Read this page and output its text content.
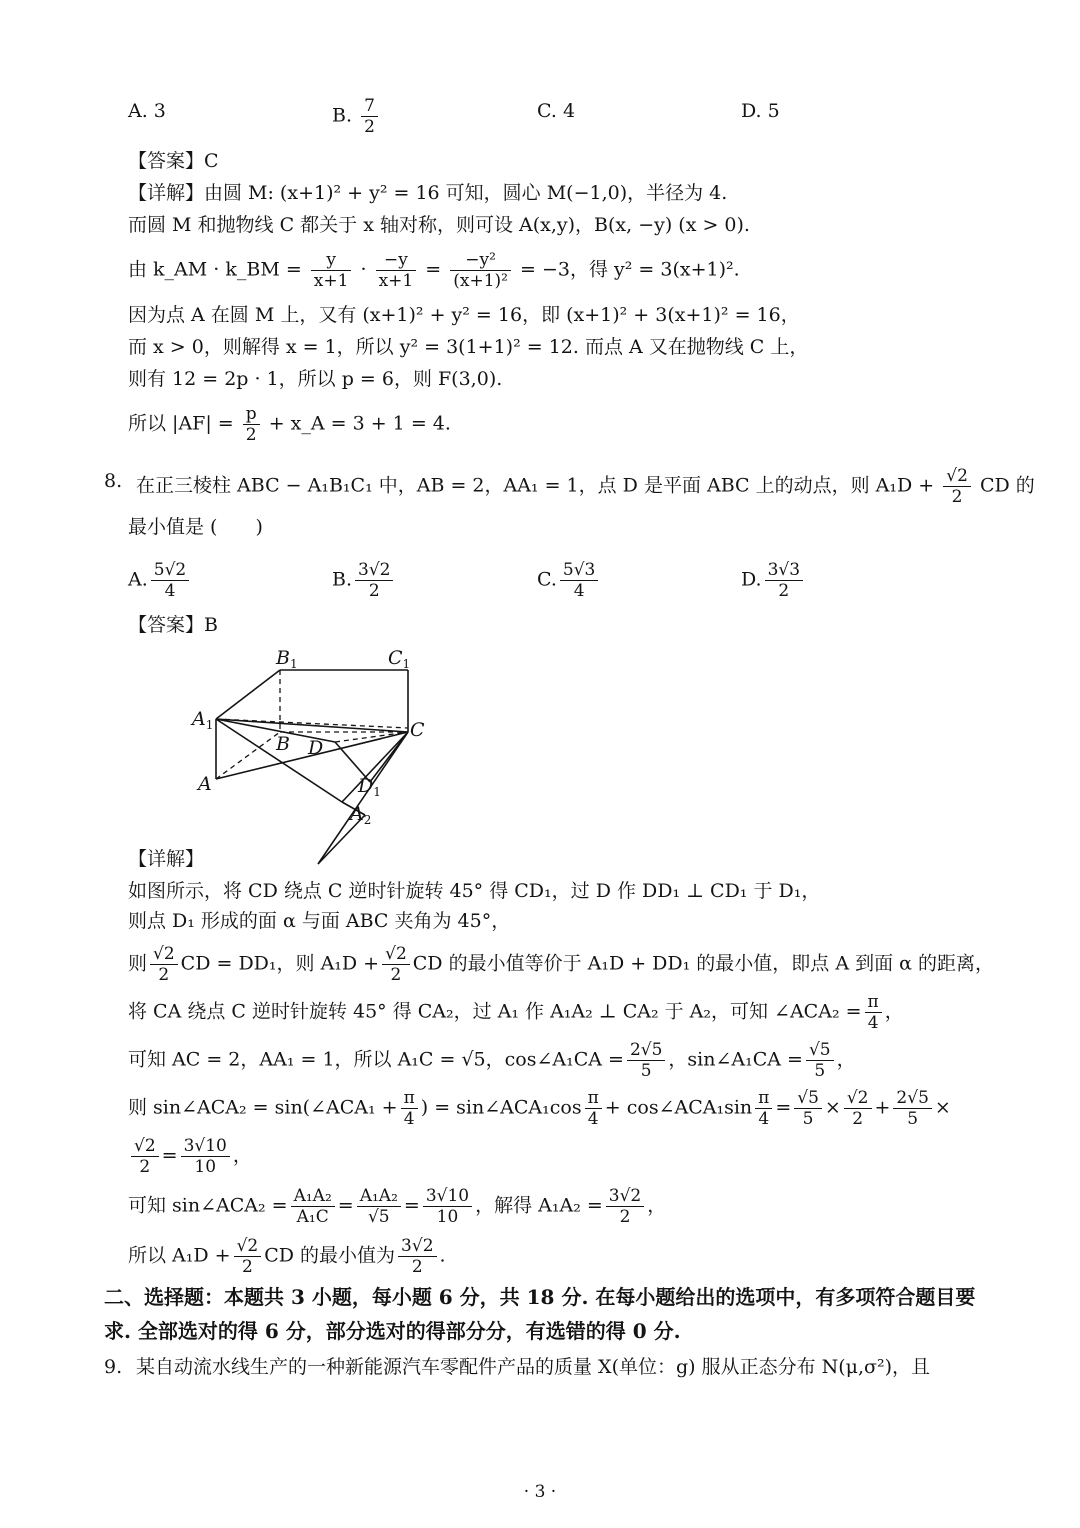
A. 3	B. $\frac{7}{2}$	C. 4	D. 5
【答案】C
【详解】由圆 M: (x+1)² + y² = 16 可知，圆心 M(−1,0)，半径为 4.
而圆 M 和抛物线 C 都关于 x 轴对称，则可设 A(x,y)，B(x, −y) (x > 0).
由 k_AM · k_BM = $\frac{y}{x+1} \cdot \frac{-y}{x+1} = \frac{\text{−y²}}{\text{(x+1)²}} = -3$，得 y² = 3(x+1)².
因为点 A 在圆 M 上，又有 (x+1)² + y² = 16，即 (x+1)² + 3(x+1)² = 16，
而 x > 0，则解得 x = 1，所以 y² = 3(1+1)² = 12. 而点 A 又在抛物线 C 上，
则有 12 = 2p · 1，所以 p = 6，则 F(3,0).
所以 $|AF| = \frac{p}{2}$ + x_A = 3 + 1 = 4.
8. 在正三棱柱 ABC − A₁B₁C₁ 中，AB = 2，AA₁ = 1，点 D 是平面 ABC 上的动点，则 $A_1D + \frac{√2}{2}$ CD 的
最小值是 (　　)
A. $\frac{5√2}{4}$	B. $\frac{3√2}{2}$	C. $\frac{5√3}{4}$	D. $\frac{3√3}{2}$
【答案】B
$B_1$	$C_1$
$A_1$
B D
C
A	$D_1$
$A_2$
【详解】
如图所示，将 CD 绕点 C 逆时针旋转 45° 得 CD₁，过 D 作 DD₁ ⊥ CD₁ 于 D₁，
则点 D₁ 形成的面 α 与面 ABC 夹角为 45°，
则 $\frac{√2}{2}$ CD = DD₁，则 $A_1D + \frac{√2}{2}$ CD 的最小值等价于 A₁D + DD₁ 的最小值，即点 A 到面 α 的距离，
将 CA 绕点 C 逆时针旋转 45° 得 CA₂，过 A₁ 作 A₁A₂ ⊥ CA₂ 于 A₂，可知 ∠ACA₂ = $\frac{\pi}{4}$ ，
可知 AC = 2，AA₁ = 1，所以 A₁C = √5，cos∠A₁CA = $\frac{2√5}{5}$ ，sin∠A₁CA = $\frac{√5}{5}$ ，
则 sin∠ACA₂ = sin(∠ACA₁ + $\frac{\pi}{4}$ ) = sin∠ACA₁cos $\frac{\pi}{4}$ + cos∠ACA₁sin $\frac{\pi}{4} = \frac{√5}{5} \times \frac{√2}{2} + \frac{2√5}{5}$ ×
$\frac{√2}{2} = \frac{3√10}{10}$ ，
可知 sin∠ACA₂ = $\frac{\text{A₁A₂}}{\text{A₁C}} = \frac{\text{A₁A₂}}{√5} = \frac{3√10}{10}$ ，解得 $A_1A_2 = \frac{3√2}{2}$ ，
所以 $A_1D + \frac{√2}{2}$ CD 的最小值为 $\frac{3√2}{2}$ .
二、选择题：本题共 3 小题，每小题 6 分，共 18 分. 在每小题给出的选项中，有多项符合题目要
求. 全部选对的得 6 分，部分选对的得部分分，有选错的得 0 分.
9. 某自动流水线生产的一种新能源汽车零配件产品的质量 X(单位：g) 服从正态分布 N(μ,σ²)，且
· 3 ·
